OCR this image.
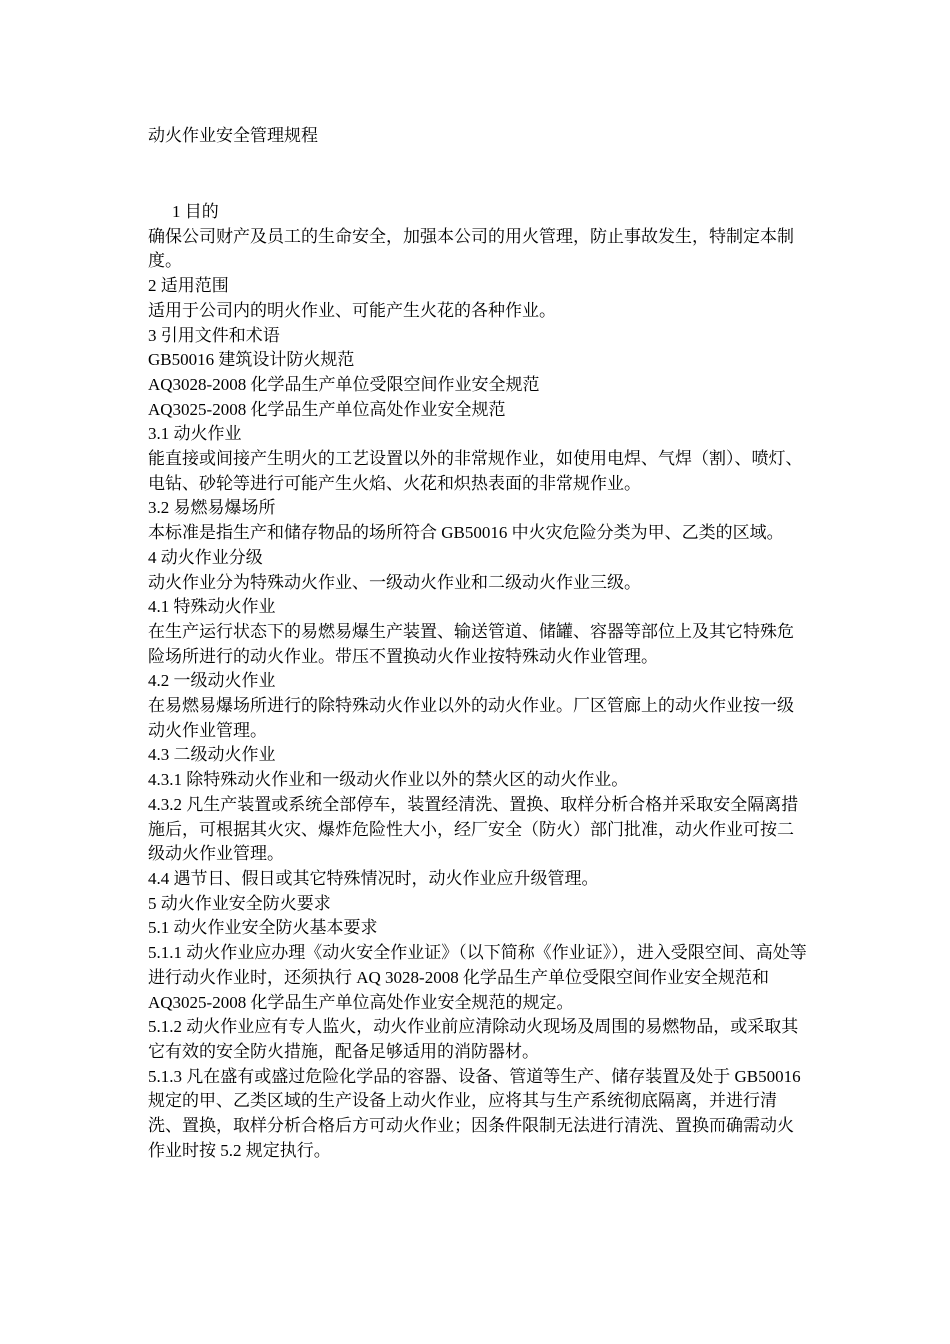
动火作业安全管理规程

1 目的

确保公司财产及员工的生命安全，加强本公司的用火管理，防止事故发生，特制定本制度。

2 适用范围

适用于公司内的明火作业、可能产生火花的各种作业。

3 引用文件和术语

GB50016 建筑设计防火规范

AQ3028-2008 化学品生产单位受限空间作业安全规范

AQ3025-2008 化学品生产单位高处作业安全规范

3.1 动火作业

能直接或间接产生明火的工艺设置以外的非常规作业，如使用电焊、气焊（割）、喷灯、电钻、砂轮等进行可能产生火焰、火花和炽热表面的非常规作业。

3.2 易燃易爆场所

本标准是指生产和储存物品的场所符合 GB50016 中火灾危险分类为甲、乙类的区域。

4 动火作业分级

动火作业分为特殊动火作业、一级动火作业和二级动火作业三级。

4.1 特殊动火作业

在生产运行状态下的易燃易爆生产装置、输送管道、储罐、容器等部位上及其它特殊危险场所进行的动火作业。带压不置换动火作业按特殊动火作业管理。

4.2 一级动火作业

在易燃易爆场所进行的除特殊动火作业以外的动火作业。厂区管廊上的动火作业按一级动火作业管理。

4.3 二级动火作业

4.3.1 除特殊动火作业和一级动火作业以外的禁火区的动火作业。

4.3.2 凡生产装置或系统全部停车，装置经清洗、置换、取样分析合格并采取安全隔离措施后，可根据其火灾、爆炸危险性大小，经厂安全（防火）部门批准，动火作业可按二级动火作业管理。

4.4 遇节日、假日或其它特殊情况时，动火作业应升级管理。

5 动火作业安全防火要求

5.1 动火作业安全防火基本要求

5.1.1 动火作业应办理《动火安全作业证》（以下简称《作业证》），进入受限空间、高处等进行动火作业时，还须执行 AQ 3028-2008 化学品生产单位受限空间作业安全规范和 AQ3025-2008 化学品生产单位高处作业安全规范的规定。

5.1.2 动火作业应有专人监火，动火作业前应清除动火现场及周围的易燃物品，或采取其它有效的安全防火措施，配备足够适用的消防器材。

5.1.3 凡在盛有或盛过危险化学品的容器、设备、管道等生产、储存装置及处于 GB50016 规定的甲、乙类区域的生产设备上动火作业，应将其与生产系统彻底隔离，并进行清洗、置换，取样分析合格后方可动火作业；因条件限制无法进行清洗、置换而确需动火作业时按 5.2 规定执行。
